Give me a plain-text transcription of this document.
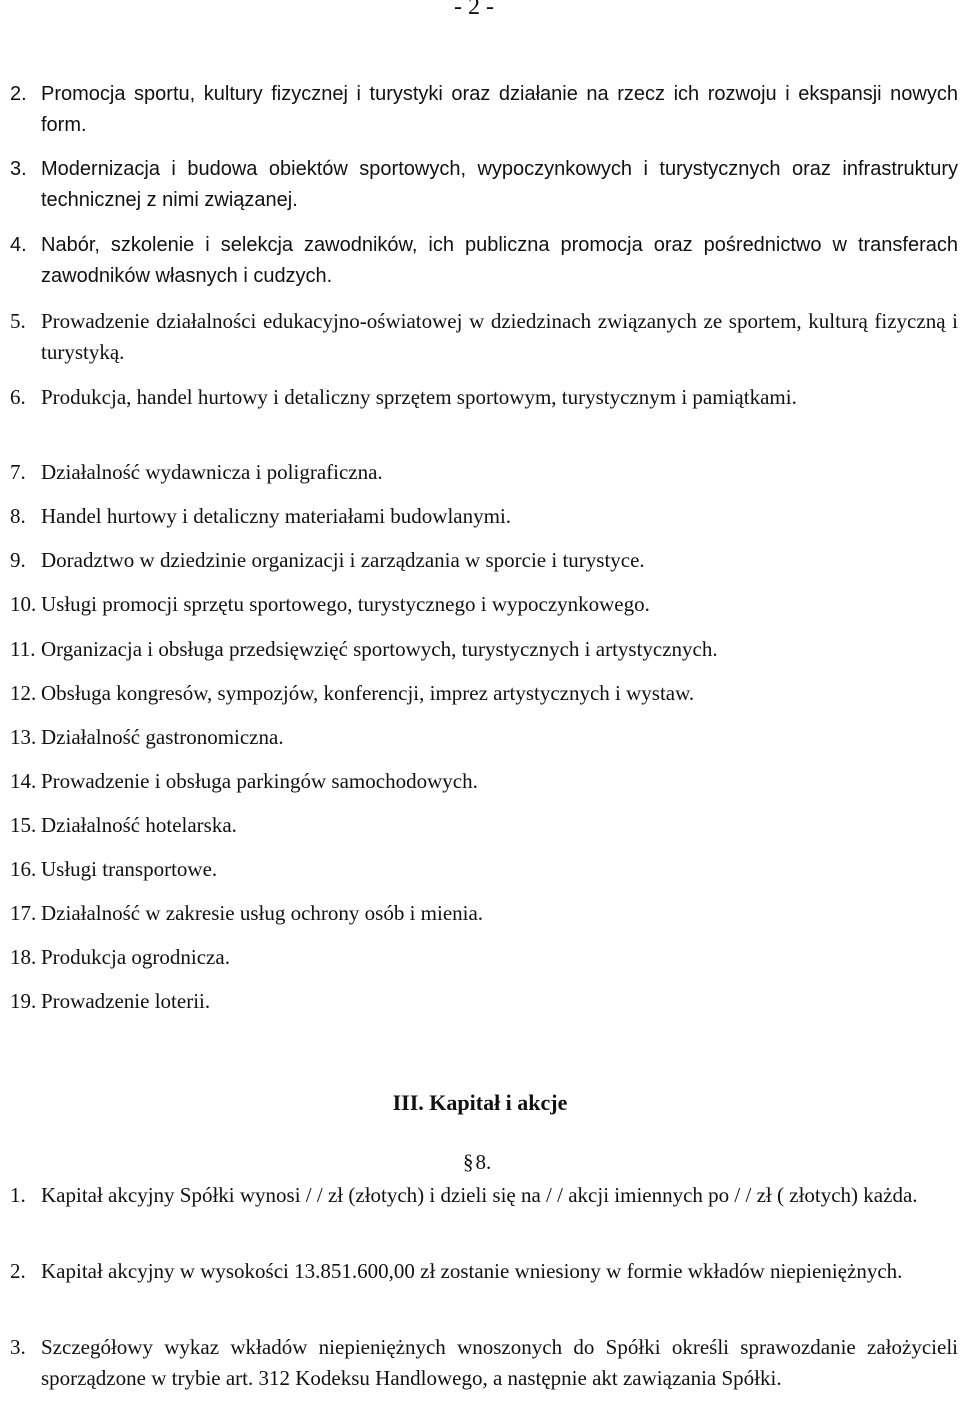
- 2 -
2. Promocja sportu, kultury fizycznej i turystyki oraz działanie na rzecz ich rozwoju i ekspansji nowych form.
3. Modernizacja i budowa obiektów sportowych, wypoczynkowych i turystycznych oraz infrastruktury technicznej z nimi związanej.
4. Nabór, szkolenie i selekcja zawodników, ich publiczna promocja oraz pośrednictwo w transferach zawodników własnych i cudzych.
5. Prowadzenie działalności edukacyjno-oświatowej w dziedzinach związanych ze sportem, kulturą fizyczną i turystyką.
6. Produkcja, handel hurtowy i detaliczny sprzętem sportowym, turystycznym i pamiątkami.
7. Działalność wydawnicza i poligraficzna.
8. Handel hurtowy i detaliczny materiałami budowlanymi.
9. Doradztwo w dziedzinie organizacji i zarządzania w sporcie i turystyce.
10. Usługi promocji sprzętu sportowego, turystycznego i wypoczynkowego.
11. Organizacja i obsługa przedsięwzięć sportowych, turystycznych i artystycznych.
12. Obsługa kongresów, sympozjów, konferencji, imprez artystycznych i wystaw.
13. Działalność gastronomiczna.
14. Prowadzenie i obsługa parkingów samochodowych.
15. Działalność hotelarska.
16. Usługi transportowe.
17. Działalność w zakresie usług ochrony osób i mienia.
18. Produkcja ogrodnicza.
19. Prowadzenie loterii.
III. Kapitał i akcje
§8.
1. Kapitał akcyjny Spółki wynosi / / zł (złotych) i dzieli się na / / akcji imiennych po / / zł ( złotych) każda.
2. Kapitał akcyjny w wysokości 13.851.600,00 zł zostanie wniesiony w formie wkładów niepieniężnych.
3. Szczegółowy wykaz wkładów niepieniężnych wnoszonych do Spółki określi sprawozdanie założycieli sporządzone w trybie art. 312 Kodeksu Handlowego, a następnie akt zawiązania Spółki.
